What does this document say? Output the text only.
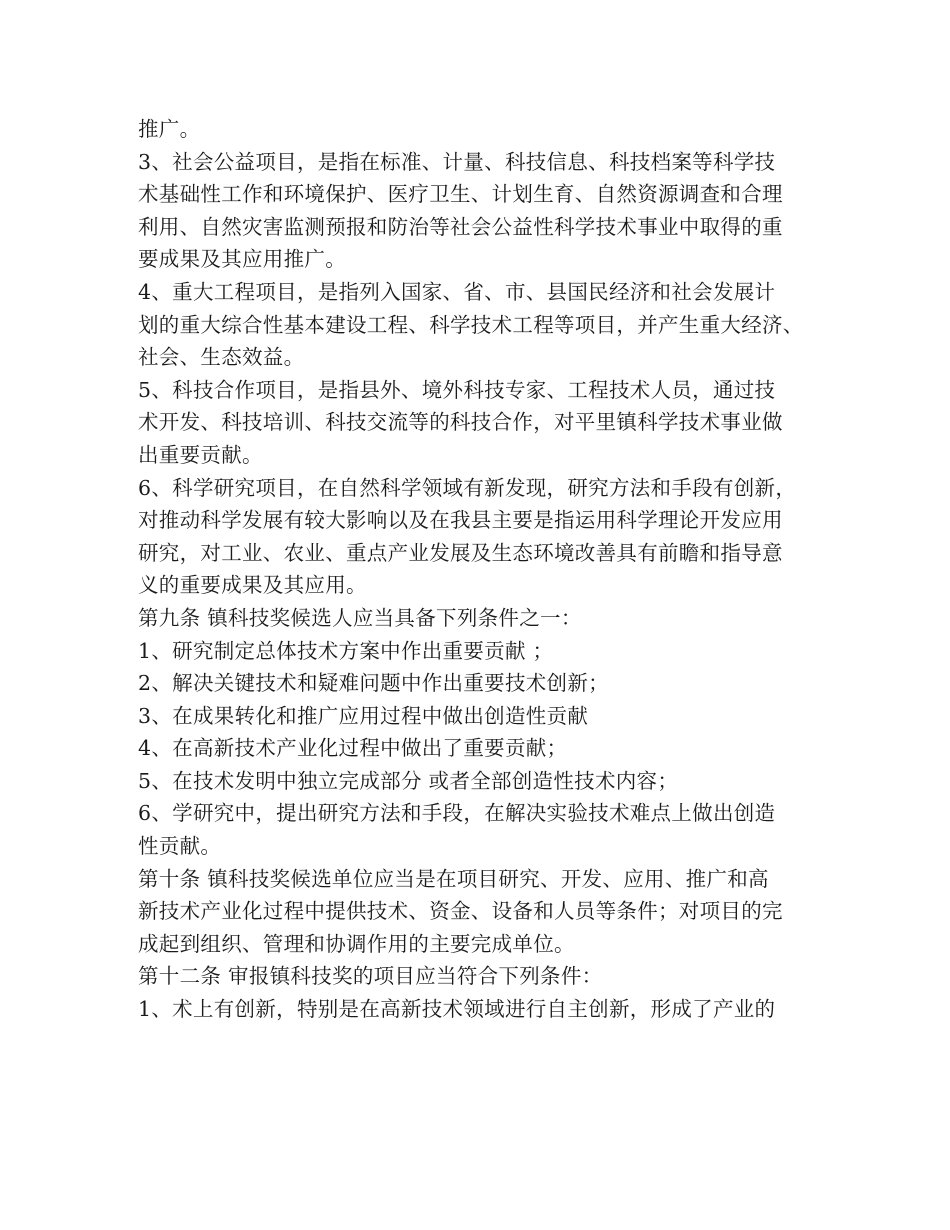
推广。
3、社会公益项目，是指在标准、计量、科技信息、科技档案等科学技
术基础性工作和环境保护、医疗卫生、计划生育、自然资源调查和合理
利用、自然灾害监测预报和防治等社会公益性科学技术事业中取得的重
要成果及其应用推广。
4、重大工程项目，是指列入国家、省、市、县国民经济和社会发展计
划的重大综合性基本建设工程、科学技术工程等项目，并产生重大经济、
社会、生态效益。
5、科技合作项目，是指县外、境外科技专家、工程技术人员，通过技
术开发、科技培训、科技交流等的科技合作，对平里镇科学技术事业做
出重要贡献。
6、科学研究项目，在自然科学领域有新发现，研究方法和手段有创新，
对推动科学发展有较大影响以及在我县主要是指运用科学理论开发应用
研究，对工业、农业、重点产业发展及生态环境改善具有前瞻和指导意
义的重要成果及其应用。
第九条 镇科技奖候选人应当具备下列条件之一：
1、研究制定总体技术方案中作出重要贡献 ；
2、解决关键技术和疑难问题中作出重要技术创新；
3、在成果转化和推广应用过程中做出创造性贡献
4、在高新技术产业化过程中做出了重要贡献；
5、在技术发明中独立完成部分 或者全部创造性技术内容；
6、学研究中，提出研究方法和手段，在解决实验技术难点上做出创造
性贡献。
第十条 镇科技奖候选单位应当是在项目研究、开发、应用、推广和高
新技术产业化过程中提供技术、资金、设备和人员等条件；对项目的完
成起到组织、管理和协调作用的主要完成单位。
第十二条 审报镇科技奖的项目应当符合下列条件：
1、术上有创新，特别是在高新技术领域进行自主创新，形成了产业的
